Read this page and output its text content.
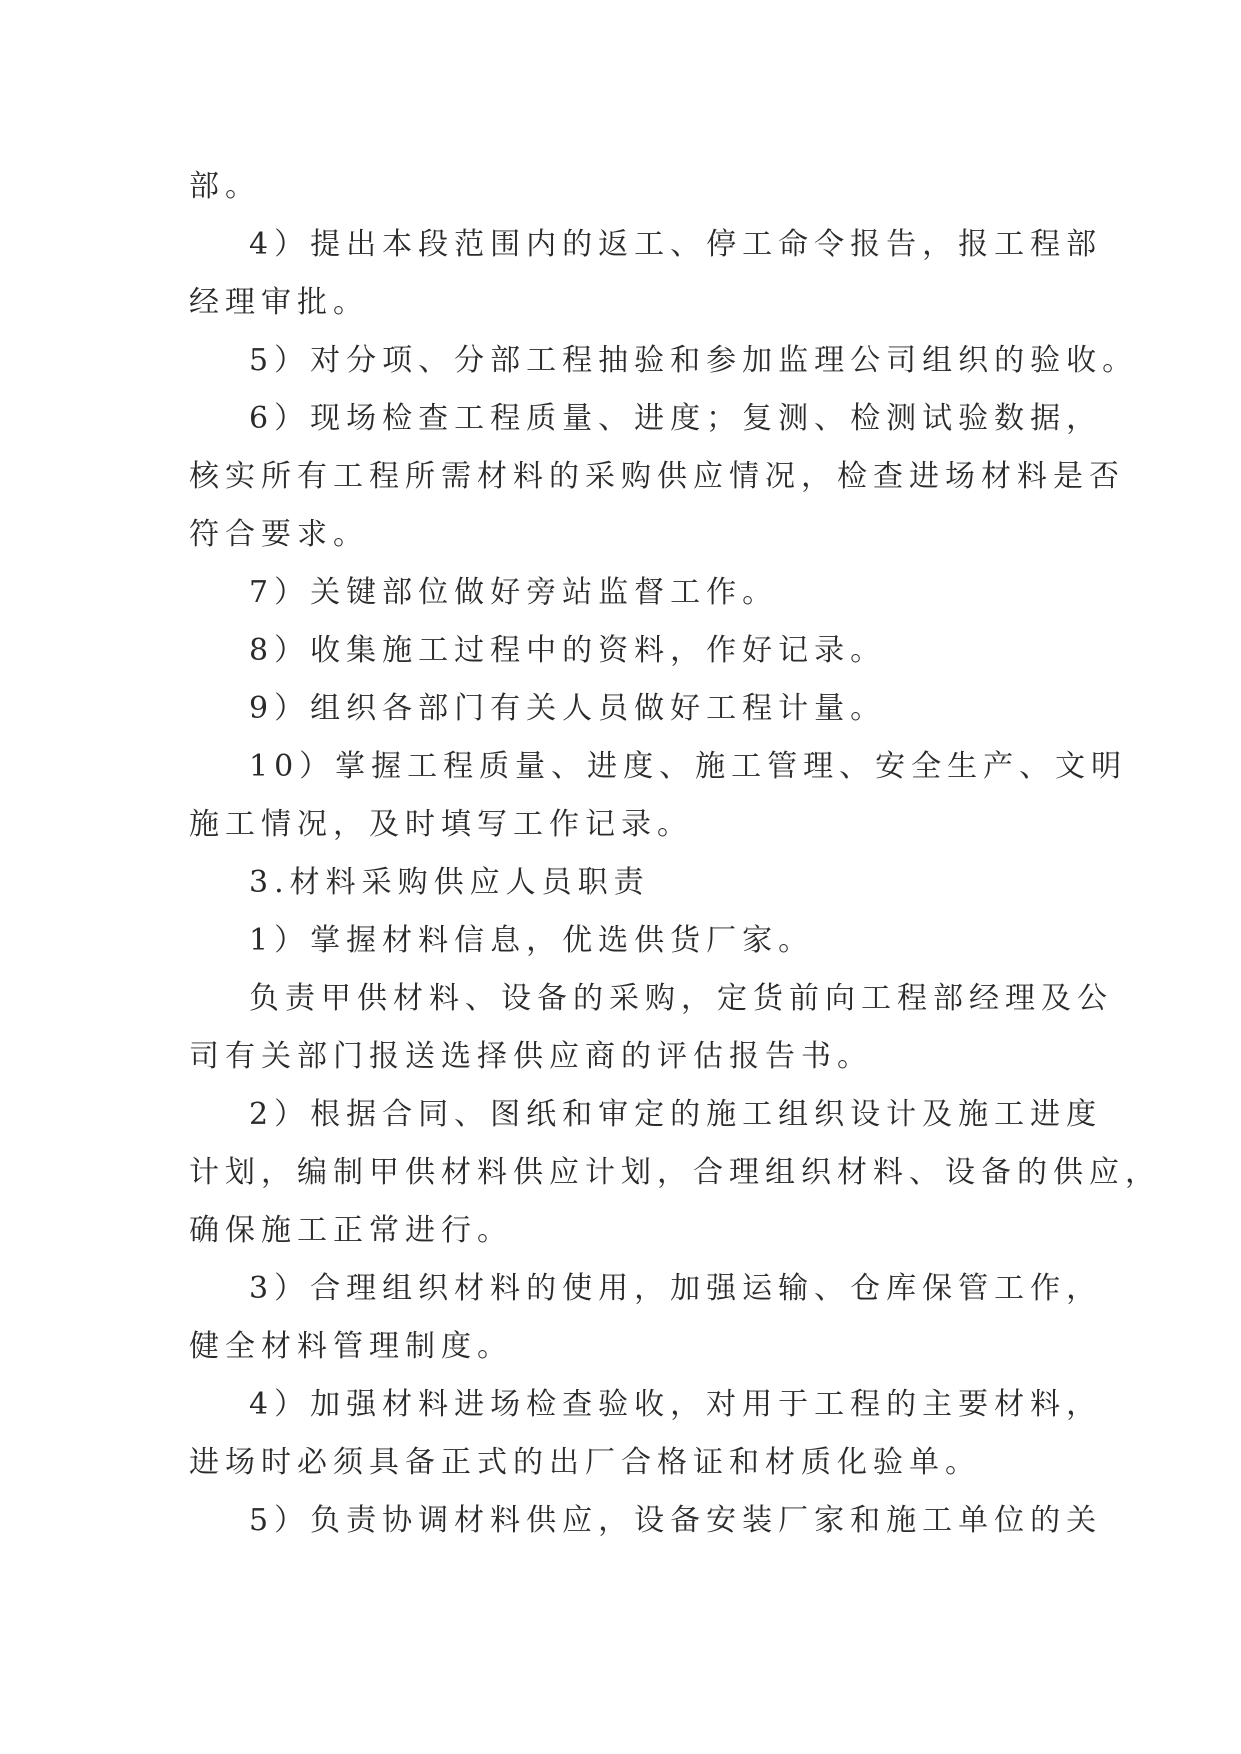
部。
4）提出本段范围内的返工、停工命令报告，报工程部
经理审批。
5）对分项、分部工程抽验和参加监理公司组织的验收。
6）现场检查工程质量、进度；复测、检测试验数据，
核实所有工程所需材料的采购供应情况，检查进场材料是否
符合要求。
7）关键部位做好旁站监督工作。
8）收集施工过程中的资料，作好记录。
9）组织各部门有关人员做好工程计量。
10）掌握工程质量、进度、施工管理、安全生产、文明
施工情况，及时填写工作记录。
3.材料采购供应人员职责
1）掌握材料信息，优选供货厂家。
负责甲供材料、设备的采购，定货前向工程部经理及公
司有关部门报送选择供应商的评估报告书。
2）根据合同、图纸和审定的施工组织设计及施工进度
计划，编制甲供材料供应计划，合理组织材料、设备的供应，
确保施工正常进行。
3）合理组织材料的使用，加强运输、仓库保管工作，
健全材料管理制度。
4）加强材料进场检查验收，对用于工程的主要材料，
进场时必须具备正式的出厂合格证和材质化验单。
5）负责协调材料供应，设备安装厂家和施工单位的关
